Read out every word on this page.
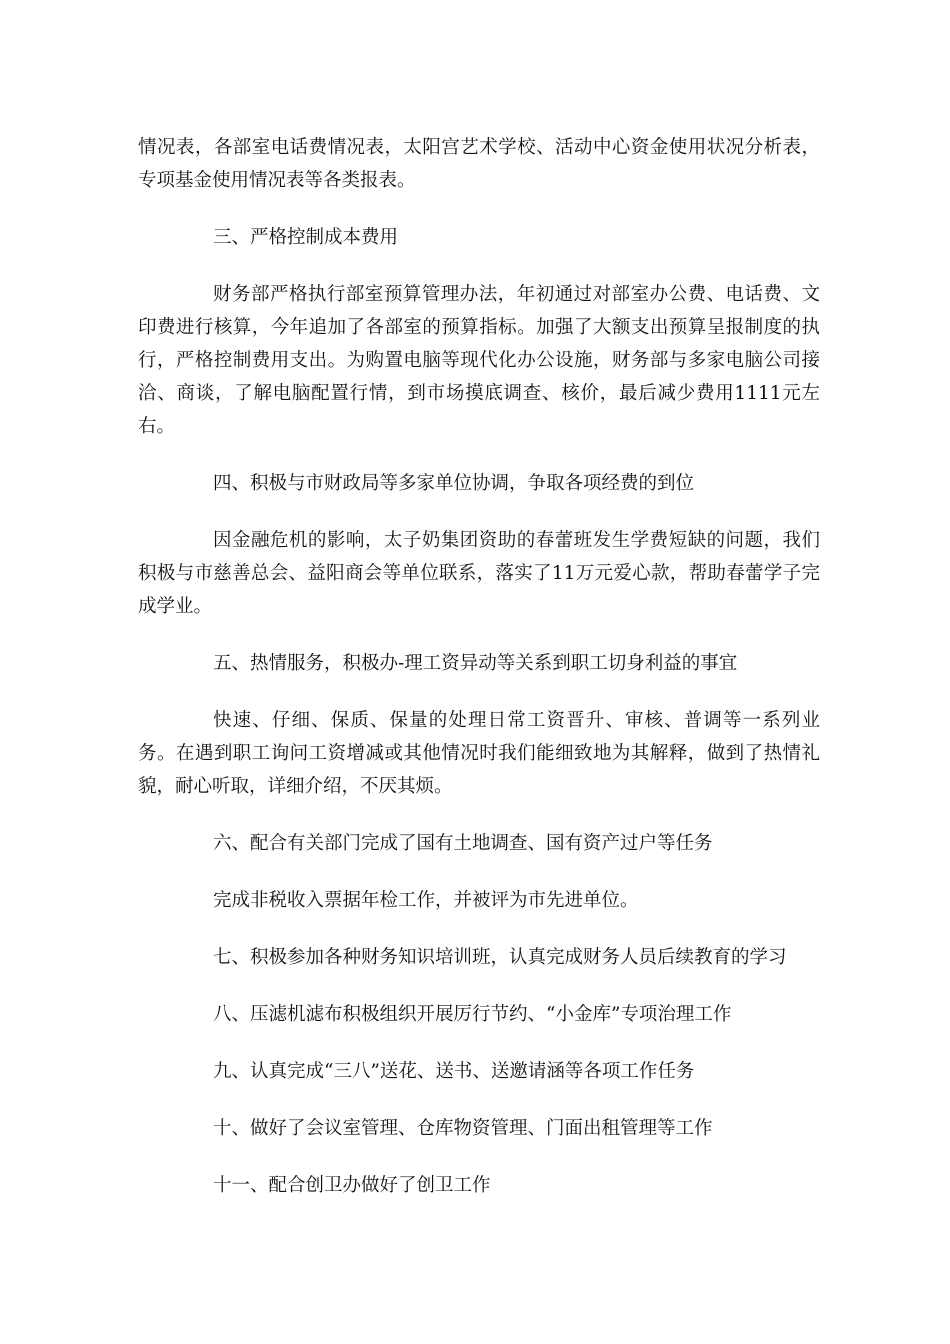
情况表，各部室电话费情况表，太阳宫艺术学校、活动中心资金使用状况分析表，专项基金使用情况表等各类报表。

三、严格控制成本费用

财务部严格执行部室预算管理办法，年初通过对部室办公费、电话费、文印费进行核算，今年追加了各部室的预算指标。加强了大额支出预算呈报制度的执行，严格控制费用支出。为购置电脑等现代化办公设施，财务部与多家电脑公司接洽、商谈，了解电脑配置行情，到市场摸底调查、核价，最后减少费用1111元左右。

四、积极与市财政局等多家单位协调，争取各项经费的到位

因金融危机的影响，太子奶集团资助的春蕾班发生学费短缺的问题，我们积极与市慈善总会、益阳商会等单位联系，落实了11万元爱心款，帮助春蕾学子完成学业。

五、热情服务，积极办-理工资异动等关系到职工切身利益的事宜

快速、仔细、保质、保量的处理日常工资晋升、审核、普调等一系列业务。在遇到职工询问工资增减或其他情况时我们能细致地为其解释，做到了热情礼貌，耐心听取，详细介绍，不厌其烦。

六、配合有关部门完成了国有土地调查、国有资产过户等任务

完成非税收入票据年检工作，并被评为市先进单位。

七、积极参加各种财务知识培训班，认真完成财务人员后续教育的学习

八、压滤机滤布积极组织开展厉行节约、“小金库”专项治理工作

九、认真完成“三八”送花、送书、送邀请涵等各项工作任务

十、做好了会议室管理、仓库物资管理、门面出租管理等工作

十一、配合创卫办做好了创卫工作
